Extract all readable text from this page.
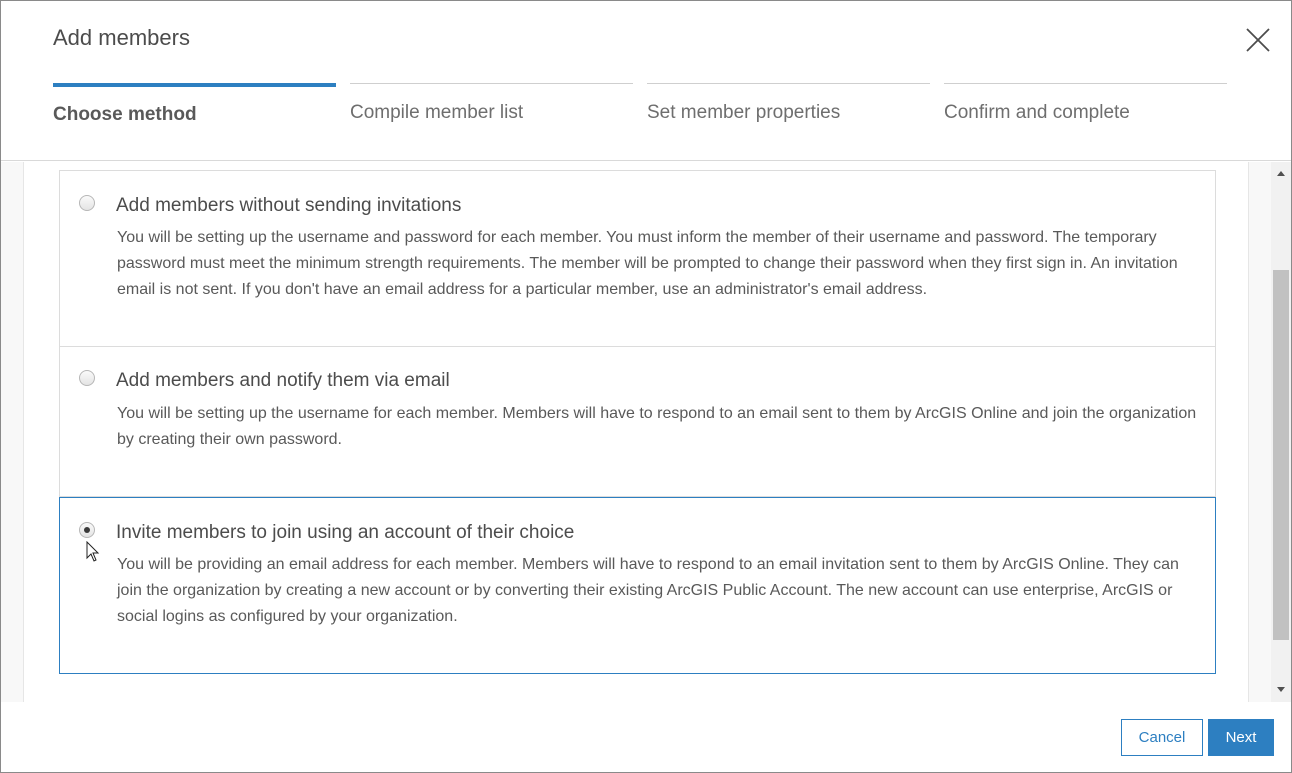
Add members
Choose method	Compile member list	Set member properties	Confirm and complete
Add members without sending invitations

You will be setting up the username and password for each member. You must inform the member of their username and password. The temporary password must meet the minimum strength requirements. The member will be prompted to change their password when they first sign in. An invitation email is not sent. If you don't have an email address for a particular member, use an administrator's email address.

Add members and notify them via email

You will be setting up the username for each member. Members will have to respond to an email sent to them by ArcGIS Online and join the organization by creating their own password.

Invite members to join using an account of their choice

You will be providing an email address for each member. Members will have to respond to an email invitation sent to them by ArcGIS Online. They can join the organization by creating a new account or by converting their existing ArcGIS Public Account. The new account can use enterprise, ArcGIS or social logins as configured by your organization.

Cancel	Next
